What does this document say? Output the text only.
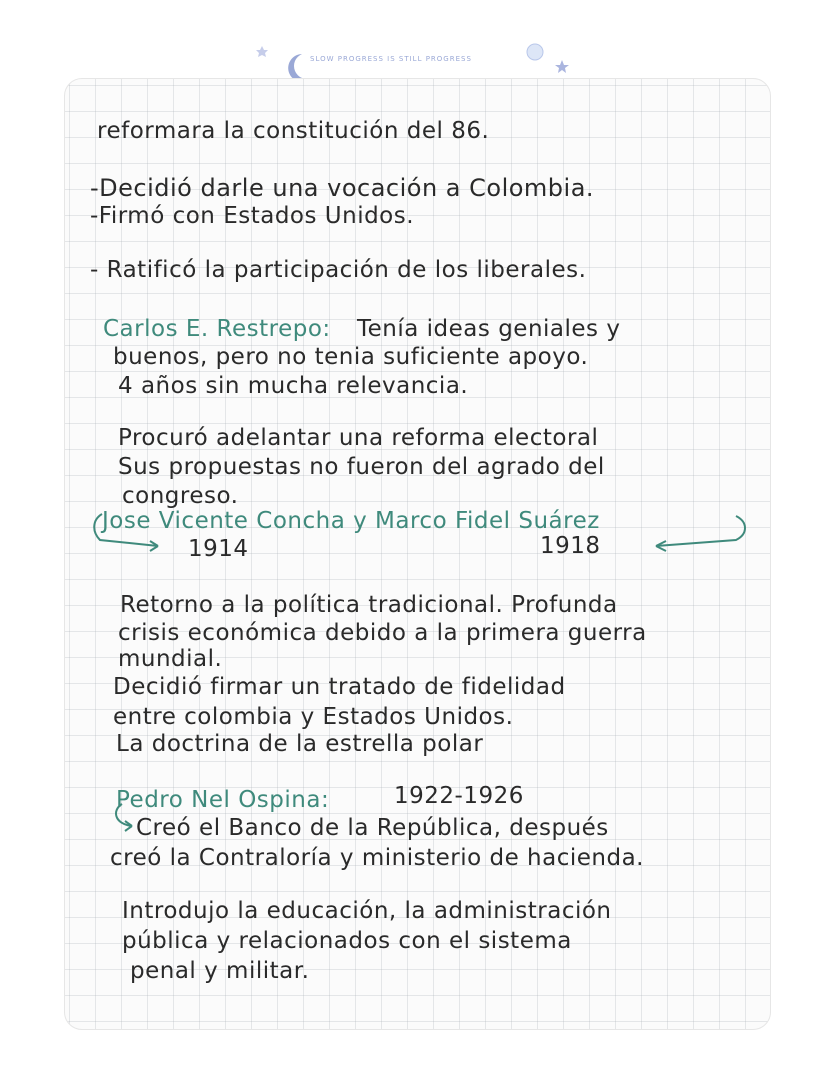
SLOW PROGRESS IS STILL PROGRESS
reformara la constitución del 86.
-Decidió darle una vocación a Colombia.
-Firmó con Estados Unidos.
- Ratificó la participación de los liberales.
Carlos E. Restrepo: Tenía ideas geniales y
buenos, pero no tenia suficiente apoyo.
4 años sin mucha relevancia.
Procuró adelantar una reforma electoral
Sus propuestas no fueron del agrado del
congreso.
Jose Vicente Concha y Marco Fidel Suárez
1914	1918
Retorno a la política tradicional. Profunda
crisis económica debido a la primera guerra
mundial.
Decidió firmar un tratado de fidelidad
entre colombia y Estados Unidos.
La doctrina de la estrella polar
Pedro Nel Ospina:	1922-1926
Creó el Banco de la República, después
creó la Contraloría y ministerio de hacienda.
Introdujo la educación, la administración
pública y relacionados con el sistema
penal y militar.
